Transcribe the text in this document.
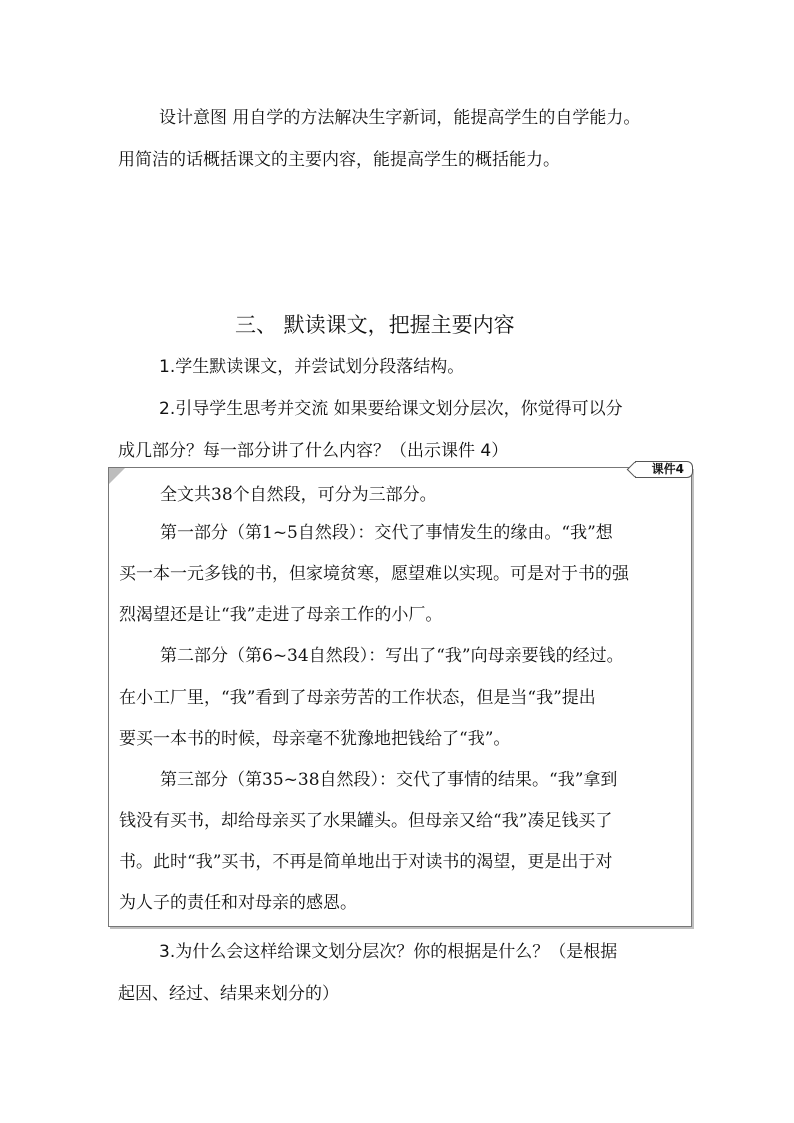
设计意图 用自学的方法解决生字新词，能提高学生的自学能力。
用简洁的话概括课文的主要内容，能提高学生的概括能力。
三、 默读课文，把握主要内容
1.学生默读课文，并尝试划分段落结构。
2.引导学生思考并交流 如果要给课文划分层次，你觉得可以分
成几部分？每一部分讲了什么内容？（出示课件 4）
课件4
全文共38个自然段，可分为三部分。
第一部分（第1~5自然段）：交代了事情发生的缘由。“我”想
买一本一元多钱的书，但家境贫寒，愿望难以实现。可是对于书的强
烈渴望还是让“我”走进了母亲工作的小厂。
第二部分（第6~34自然段）：写出了“我”向母亲要钱的经过。
在小工厂里，“我”看到了母亲劳苦的工作状态，但是当“我”提出
要买一本书的时候，母亲毫不犹豫地把钱给了“我”。
第三部分（第35~38自然段）：交代了事情的结果。“我”拿到
钱没有买书，却给母亲买了水果罐头。但母亲又给“我”凑足钱买了
书。此时“我”买书，不再是简单地出于对读书的渴望，更是出于对
为人子的责任和对母亲的感恩。
3.为什么会这样给课文划分层次？你的根据是什么？（是根据
起因、经过、结果来划分的）
